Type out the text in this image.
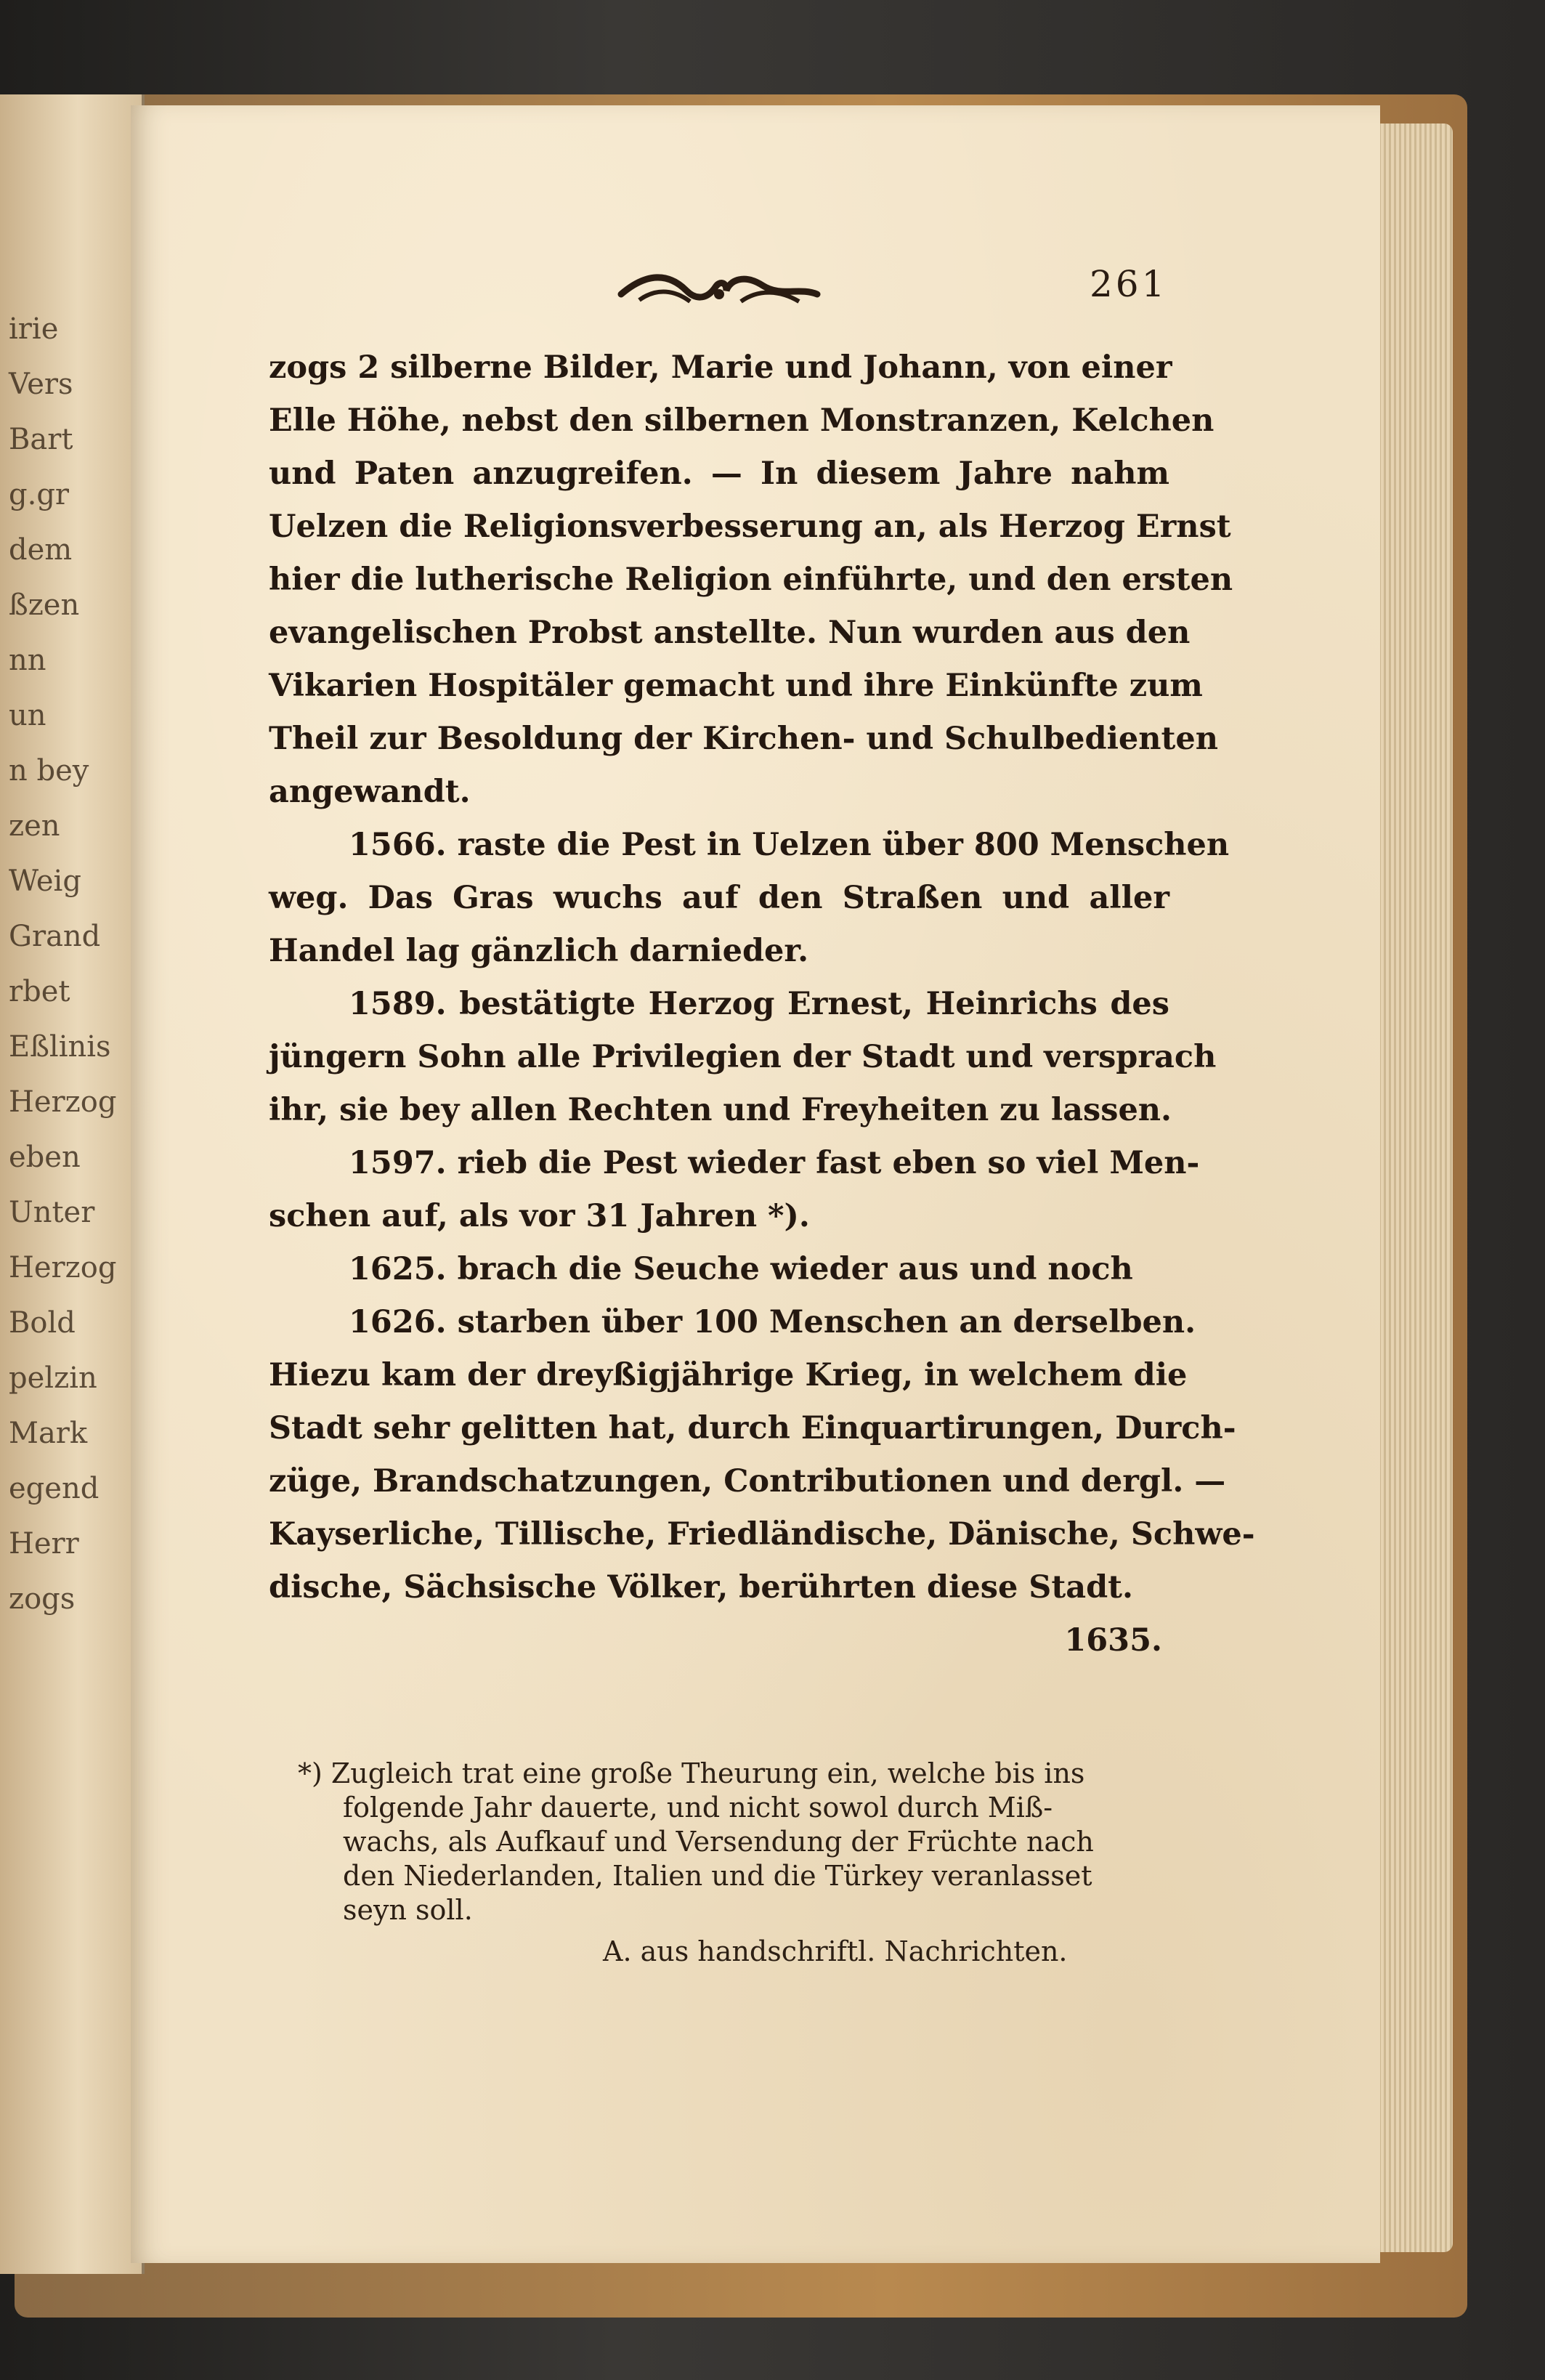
irie
Vers
Bart
g.gr
dem
ßzen
nn
un
n bey
zen
Weig
Grand
rbet
Eßlinis
Herzog
eben
Unter
Herzog
Bold
pelzin
Mark
egend
Herr
zogs
261

zogs 2 silberne Bilder, Marie und Johann, von einer
Elle Höhe, nebst den silbernen Monstranzen, Kelchen
und Paten anzugreifen. — In diesem Jahre nahm
Uelzen die Religionsverbesserung an, als Herzog Ernst
hier die lutherische Religion einführte, und den ersten
evangelischen Probst anstellte. Nun wurden aus den
Vikarien Hospitäler gemacht und ihre Einkünfte zum
Theil zur Besoldung der Kirchen- und Schulbedienten
angewandt.

1566. raste die Pest in Uelzen über 800 Menschen
weg. Das Gras wuchs auf den Straßen und aller
Handel lag gänzlich darnieder.

1589. bestätigte Herzog Ernest, Heinrichs des
jüngern Sohn alle Privilegien der Stadt und versprach
ihr, sie bey allen Rechten und Freyheiten zu lassen.

1597. rieb die Pest wieder fast eben so viel Men-
schen auf, als vor 31 Jahren *).

1625. brach die Seuche wieder aus und noch

1626. starben über 100 Menschen an derselben.
Hiezu kam der dreyßigjährige Krieg, in welchem die
Stadt sehr gelitten hat, durch Einquartirungen, Durch-
züge, Brandschatzungen, Contributionen und dergl. —
Kayserliche, Tillische, Friedländische, Dänische, Schwe-
dische, Sächsische Völker, berührten diese Stadt.

1635.
*) Zugleich trat eine große Theurung ein, welche bis ins
folgende Jahr dauerte, und nicht sowol durch Miß-
wachs, als Aufkauf und Versendung der Früchte nach
den Niederlanden, Italien und die Türkey veranlasset
seyn soll.
A. aus handschriftl. Nachrichten.
